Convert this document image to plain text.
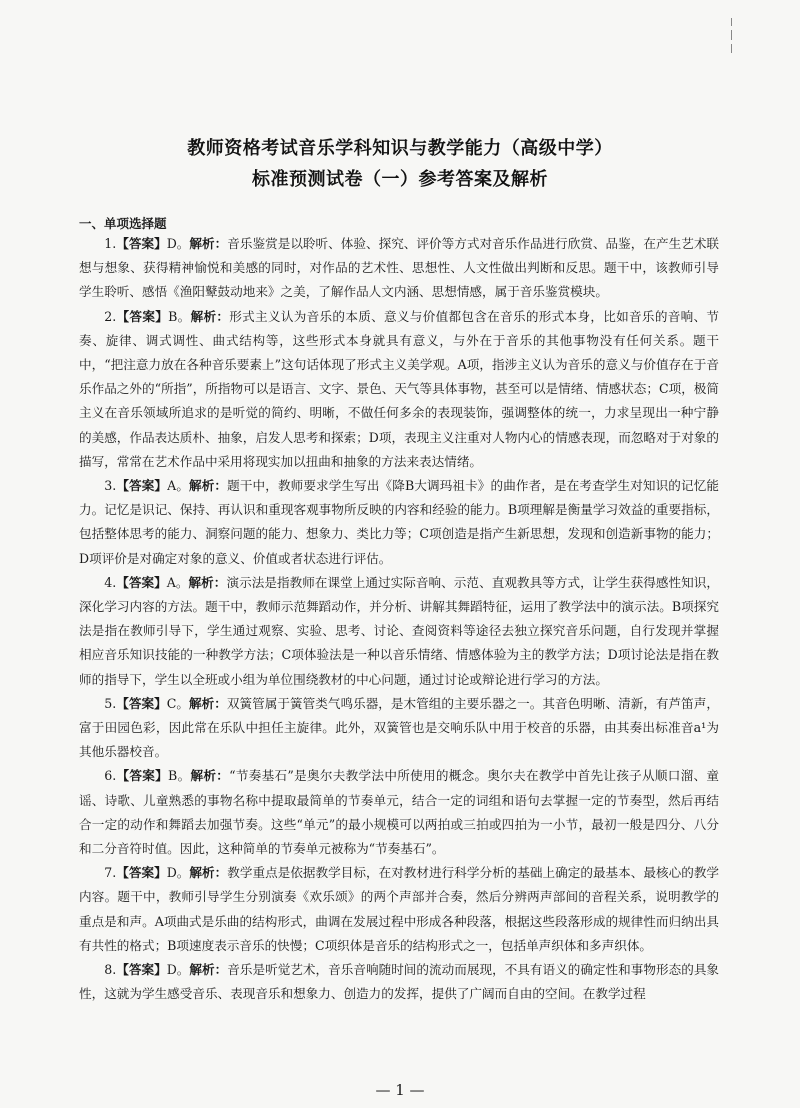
教师资格考试音乐学科知识与教学能力（高级中学）
标准预测试卷（一）参考答案及解析
一、单项选择题

1.【答案】D。解析：音乐鉴赏是以聆听、体验、探究、评价等方式对音乐作品进行欣赏、品鉴，在产生艺术联想与想象、获得精神愉悦和美感的同时，对作品的艺术性、思想性、人文性做出判断和反思。题干中，该教师引导学生聆听、感悟《渔阳鼙鼓动地来》之美，了解作品人文内涵、思想情感，属于音乐鉴赏模块。

2.【答案】B。解析：形式主义认为音乐的本质、意义与价值都包含在音乐的形式本身，比如音乐的音响、节奏、旋律、调式调性、曲式结构等，这些形式本身就具有意义，与外在于音乐的其他事物没有任何关系。题干中，“把注意力放在各种音乐要素上”这句话体现了形式主义美学观。A项，指涉主义认为音乐的意义与价值存在于音乐作品之外的“所指”，所指物可以是语言、文字、景色、天气等具体事物，甚至可以是情绪、情感状态；C项，极简主义在音乐领域所追求的是听觉的简约、明晰，不做任何多余的表现装饰，强调整体的统一，力求呈现出一种宁静的美感，作品表达质朴、抽象，启发人思考和探索；D项，表现主义注重对人物内心的情感表现，而忽略对于对象的描写，常常在艺术作品中采用将现实加以扭曲和抽象的方法来表达情绪。

3.【答案】A。解析：题干中，教师要求学生写出《降B大调玛祖卡》的曲作者，是在考查学生对知识的记忆能力。记忆是识记、保持、再认识和重现客观事物所反映的内容和经验的能力。B项理解是衡量学习效益的重要指标，包括整体思考的能力、洞察问题的能力、想象力、类比力等；C项创造是指产生新思想，发现和创造新事物的能力；D项评价是对确定对象的意义、价值或者状态进行评估。

4.【答案】A。解析：演示法是指教师在课堂上通过实际音响、示范、直观教具等方式，让学生获得感性知识，深化学习内容的方法。题干中，教师示范舞蹈动作，并分析、讲解其舞蹈特征，运用了教学法中的演示法。B项探究法是指在教师引导下，学生通过观察、实验、思考、讨论、查阅资料等途径去独立探究音乐问题，自行发现并掌握相应音乐知识技能的一种教学方法；C项体验法是一种以音乐情绪、情感体验为主的教学方法；D项讨论法是指在教师的指导下，学生以全班或小组为单位围绕教材的中心问题，通过讨论或辩论进行学习的方法。

5.【答案】C。解析：双簧管属于簧管类气鸣乐器，是木管组的主要乐器之一。其音色明晰、清新，有芦笛声，富于田园色彩，因此常在乐队中担任主旋律。此外，双簧管也是交响乐队中用于校音的乐器，由其奏出标准音a¹为其他乐器校音。

6.【答案】B。解析：“节奏基石”是奥尔夫教学法中所使用的概念。奥尔夫在教学中首先让孩子从顺口溜、童谣、诗歌、儿童熟悉的事物名称中提取最简单的节奏单元，结合一定的词组和语句去掌握一定的节奏型，然后再结合一定的动作和舞蹈去加强节奏。这些“单元”的最小规模可以两拍或三拍或四拍为一小节，最初一般是四分、八分和二分音符时值。因此，这种简单的节奏单元被称为“节奏基石”。

7.【答案】D。解析：教学重点是依据教学目标，在对教材进行科学分析的基础上确定的最基本、最核心的教学内容。题干中，教师引导学生分别演奏《欢乐颂》的两个声部并合奏，然后分辨两声部间的音程关系，说明教学的重点是和声。A项曲式是乐曲的结构形式，曲调在发展过程中形成各种段落，根据这些段落形成的规律性而归纳出具有共性的格式；B项速度表示音乐的快慢；C项织体是音乐的结构形式之一，包括单声织体和多声织体。

8.【答案】D。解析：音乐是听觉艺术，音乐音响随时间的流动而展现，不具有语义的确定性和事物形态的具象性，这就为学生感受音乐、表现音乐和想象力、创造力的发挥，提供了广阔而自由的空间。在教学过程

— 1 —
